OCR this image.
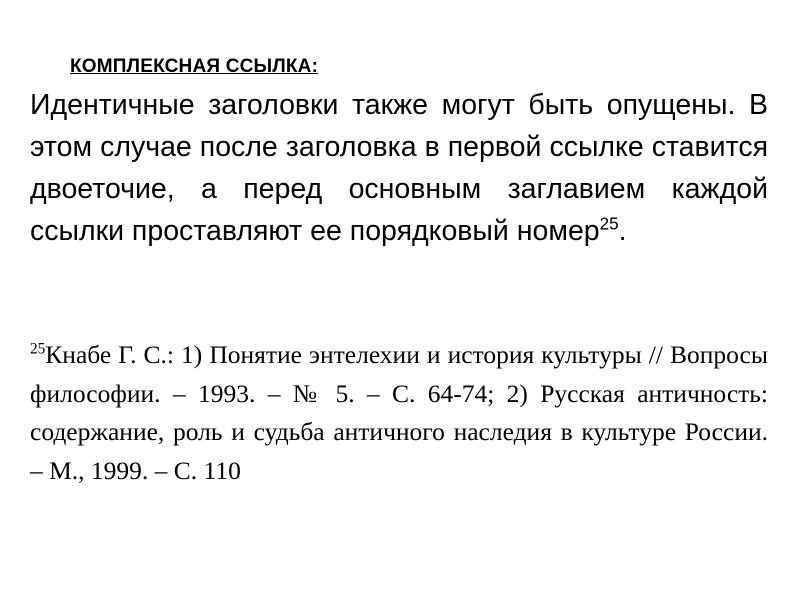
КОМПЛЕКСНАЯ ССЫЛКА:
Идентичные заголовки также могут быть опущены. В этом случае после заголовка в первой ссылке ставится двоеточие, а перед основным заглавием каждой ссылки проставляют ее порядковый номер$^{25}$.
$^{25}$Кнабе Г. С.: 1) Понятие энтелехии и история культуры // Вопросы философии. – 1993. – № 5. – С. 64-74; 2) Русская античность: содержание, роль и судьба античного наследия в культуре России. – М., 1999. – С. 110
